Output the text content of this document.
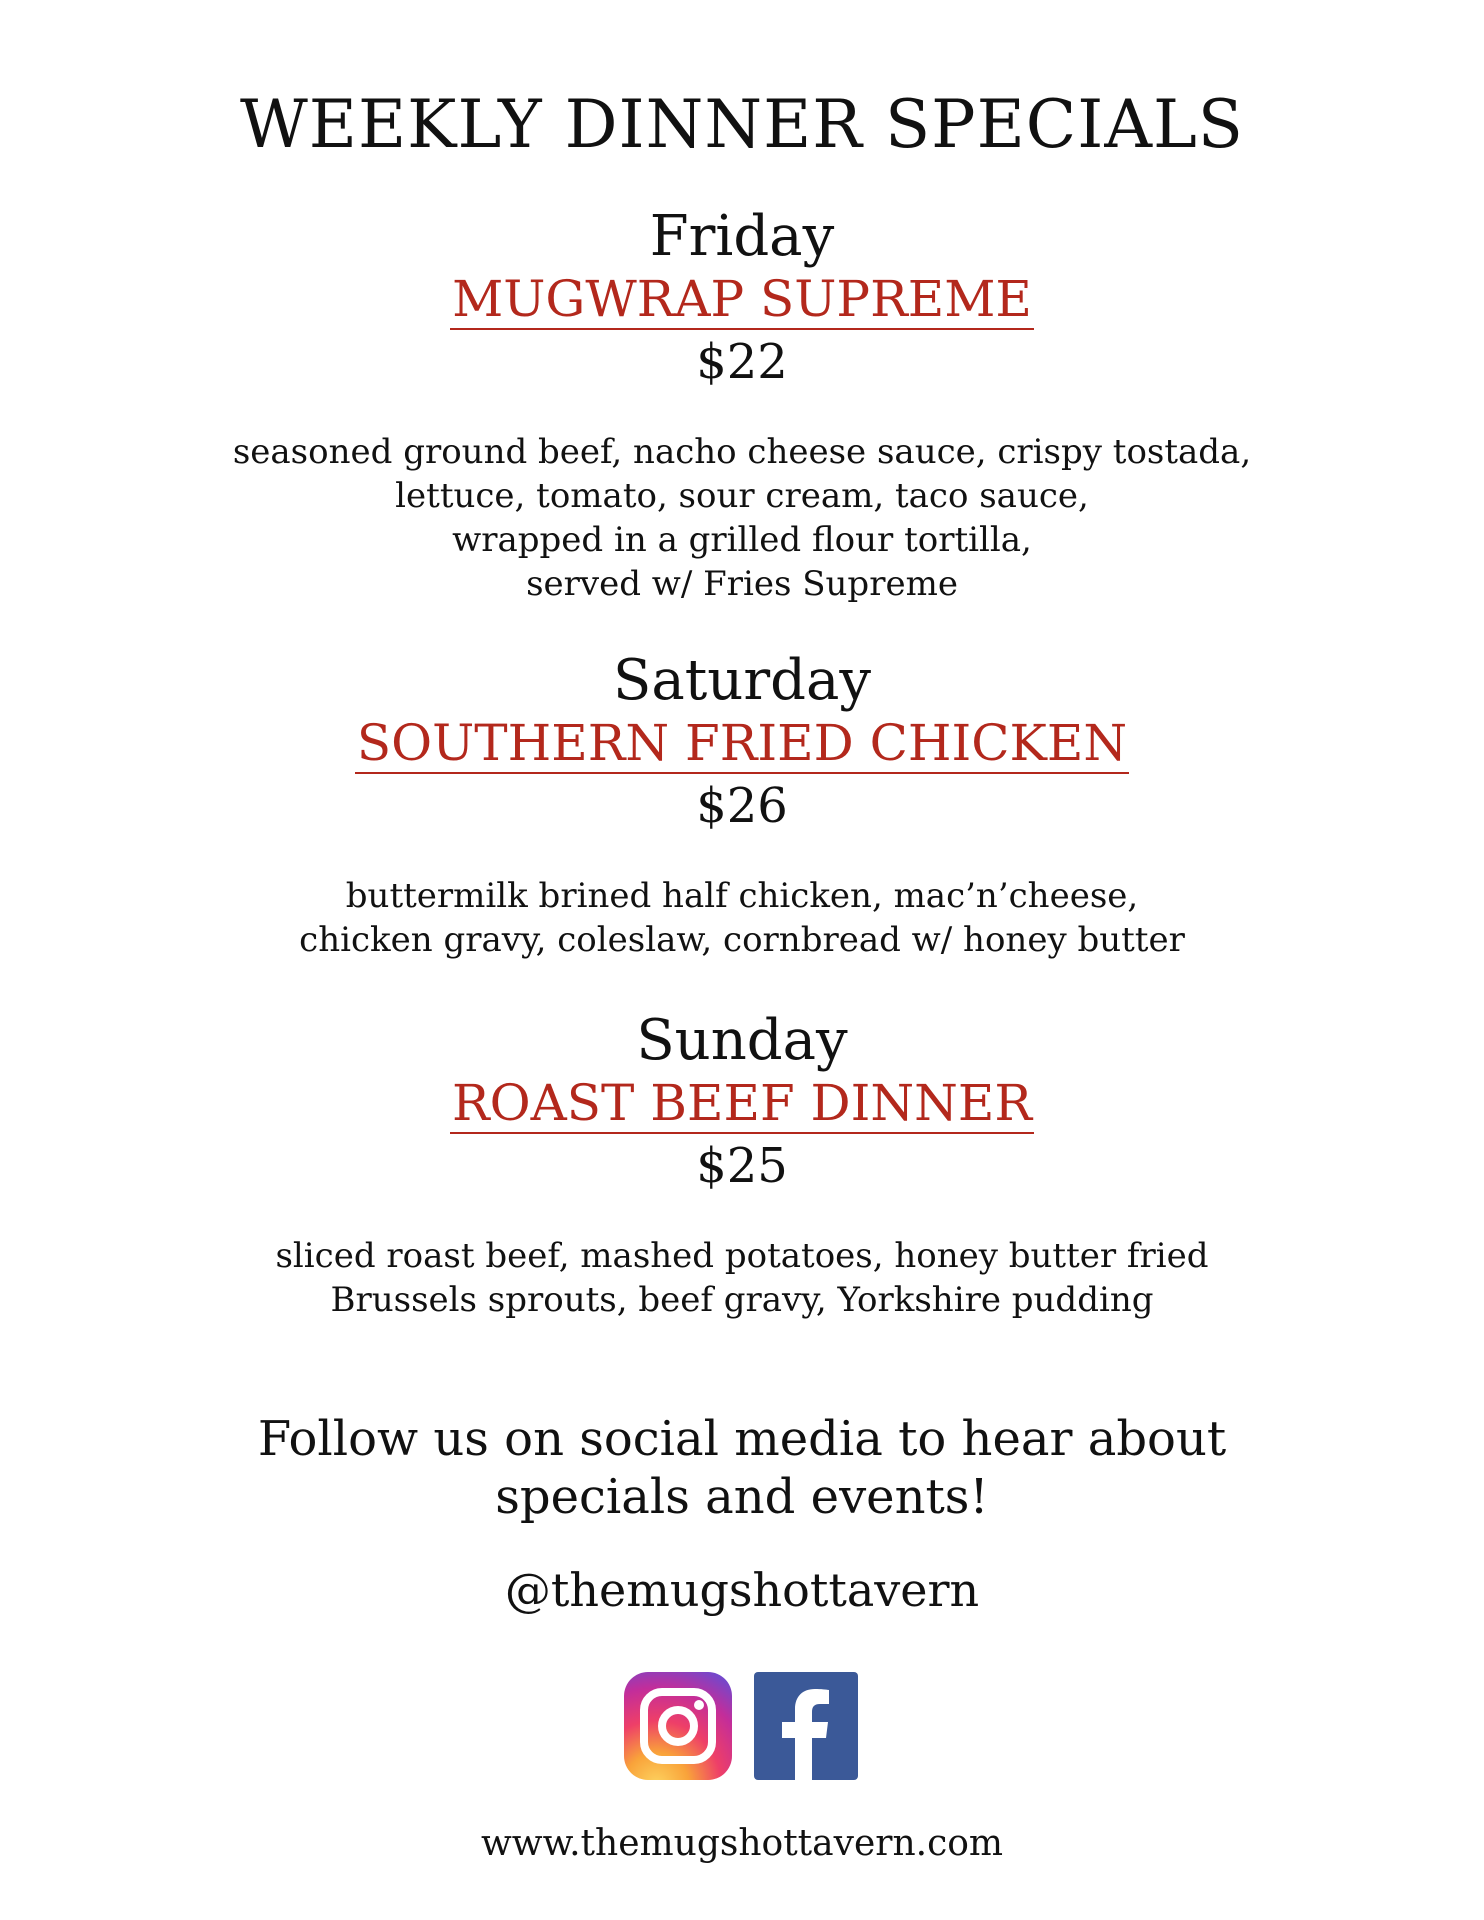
WEEKLY DINNER SPECIALS
Friday
MUGWRAP SUPREME
$22
seasoned ground beef, nacho cheese sauce, crispy tostada,
lettuce, tomato, sour cream, taco sauce,
wrapped in a grilled flour tortilla,
served w/ Fries Supreme
Saturday
SOUTHERN FRIED CHICKEN
$26
buttermilk brined half chicken, mac’n’cheese,
chicken gravy, coleslaw, cornbread w/ honey butter
Sunday
ROAST BEEF DINNER
$25
sliced roast beef, mashed potatoes, honey butter fried
Brussels sprouts, beef gravy, Yorkshire pudding
Follow us on social media to hear about
specials and events!
@themugshottavern
www.themugshottavern.com
